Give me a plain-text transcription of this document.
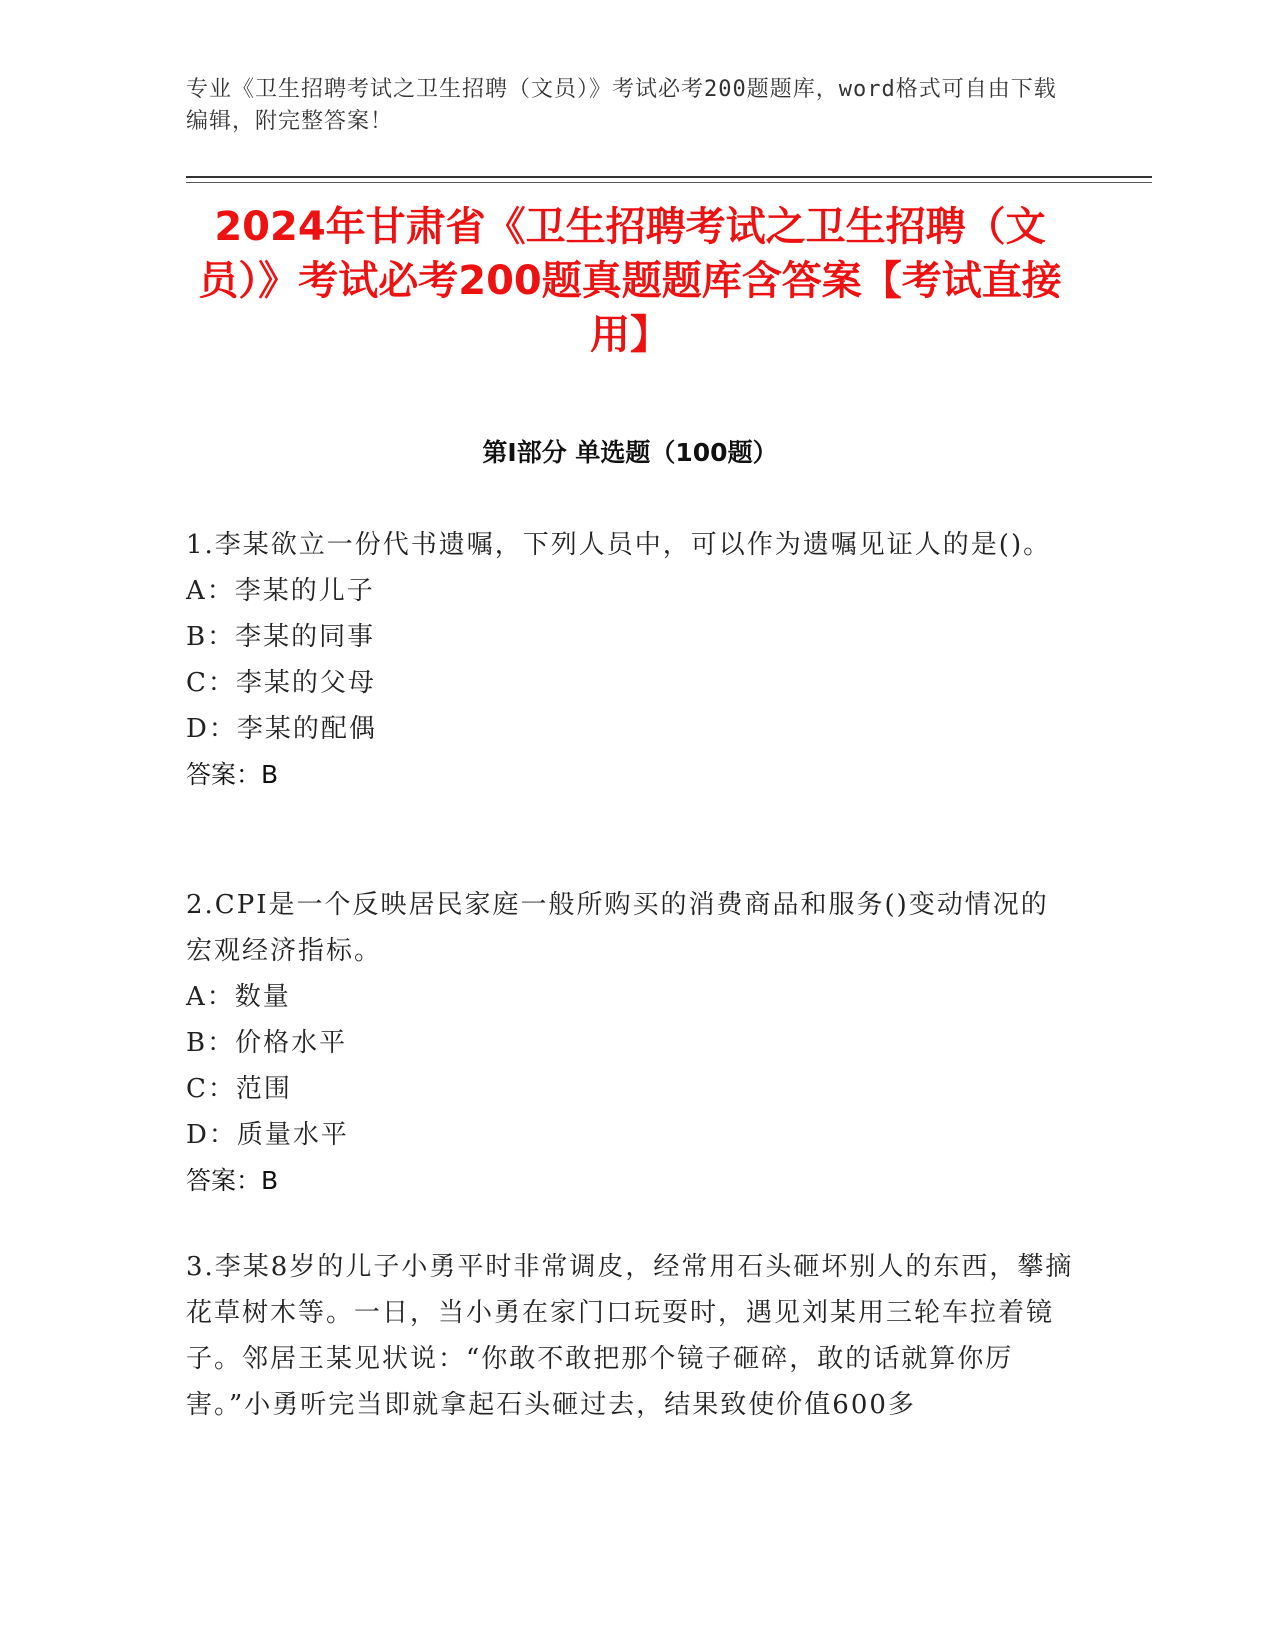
专业《卫生招聘考试之卫生招聘（文员）》考试必考200题题库，word格式可自由下载编辑，附完整答案！
2024年甘肃省《卫生招聘考试之卫生招聘（文员）》考试必考200题真题题库含答案【考试直接用】
第I部分 单选题（100题）
1.李某欲立一份代书遗嘱，下列人员中，可以作为遗嘱见证人的是()。
A：李某的儿子
B：李某的同事
C：李某的父母
D：李某的配偶
答案：B
2.CPI是一个反映居民家庭一般所购买的消费商品和服务()变动情况的宏观经济指标。
A：数量
B：价格水平
C：范围
D：质量水平
答案：B
3.李某8岁的儿子小勇平时非常调皮，经常用石头砸坏别人的东西，攀摘花草树木等。一日，当小勇在家门口玩耍时，遇见刘某用三轮车拉着镜子。邻居王某见状说：“你敢不敢把那个镜子砸碎，敢的话就算你厉害。”小勇听完当即就拿起石头砸过去，结果致使价值600多
